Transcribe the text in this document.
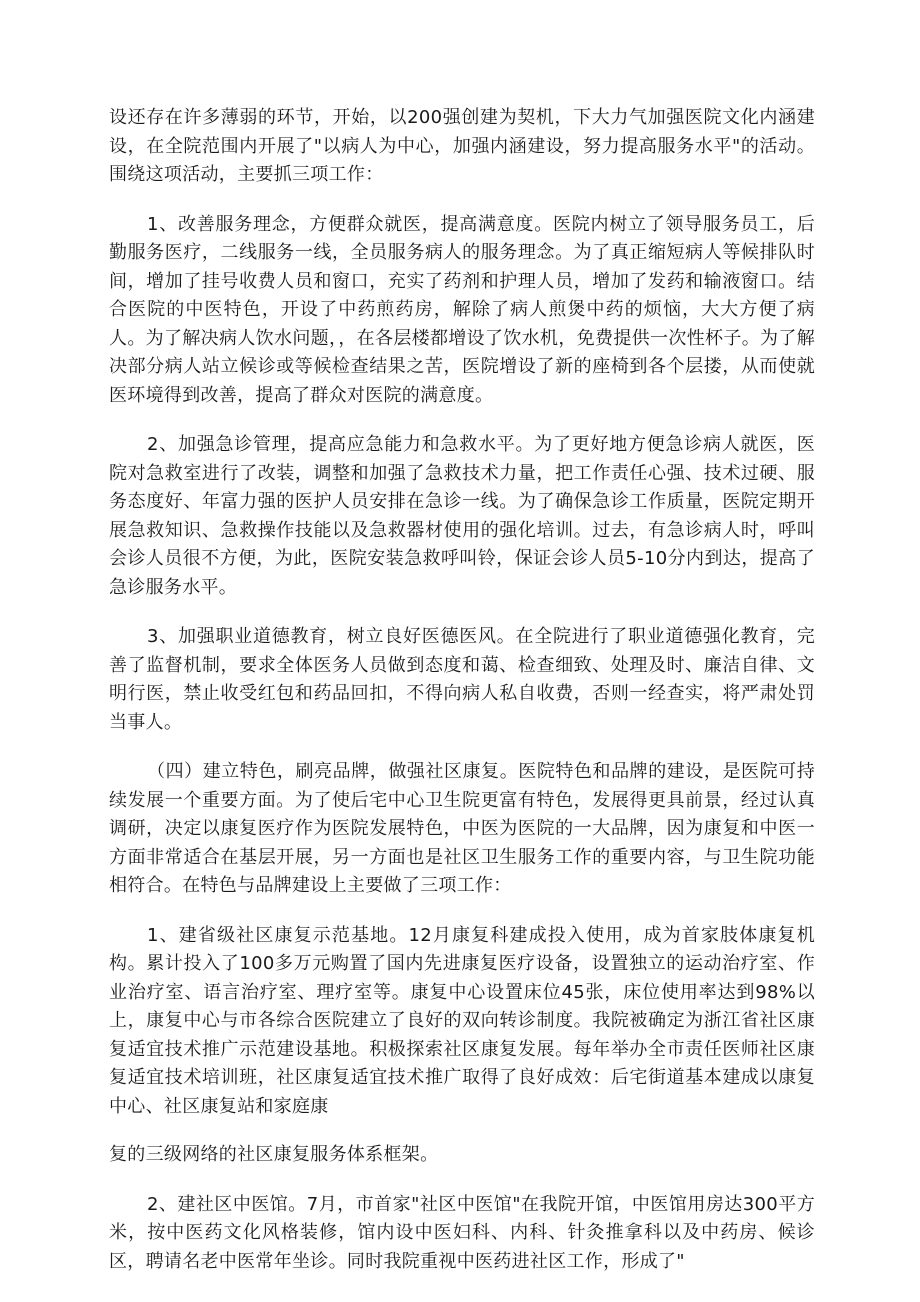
设还存在许多薄弱的环节，开始，以200强创建为契机，下大力气加强医院文化内涵建设，在全院范围内开展了"以病人为中心，加强内涵建设，努力提高服务水平"的活动。围绕这项活动，主要抓三项工作：

1、改善服务理念，方便群众就医，提高满意度。医院内树立了领导服务员工，后勤服务医疗，二线服务一线，全员服务病人的服务理念。为了真正缩短病人等候排队时间，增加了挂号收费人员和窗口，充实了药剂和护理人员，增加了发药和输液窗口。结合医院的中医特色，开设了中药煎药房，解除了病人煎煲中药的烦恼，大大方便了病人。为了解决病人饮水问题，，在各层楼都增设了饮水机，免费提供一次性杯子。为了解决部分病人站立候诊或等候检查结果之苦，医院增设了新的座椅到各个层搂，从而使就医环境得到改善，提高了群众对医院的满意度。

2、加强急诊管理，提高应急能力和急救水平。为了更好地方便急诊病人就医，医院对急救室进行了改装，调整和加强了急救技术力量，把工作责任心强、技术过硬、服务态度好、年富力强的医护人员安排在急诊一线。为了确保急诊工作质量，医院定期开展急救知识、急救操作技能以及急救器材使用的强化培训。过去，有急诊病人时，呼叫会诊人员很不方便，为此，医院安装急救呼叫铃，保证会诊人员5-10分内到达，提高了急诊服务水平。

3、加强职业道德教育，树立良好医德医风。在全院进行了职业道德强化教育，完善了监督机制，要求全体医务人员做到态度和蔼、检查细致、处理及时、廉洁自律、文明行医，禁止收受红包和药品回扣，不得向病人私自收费，否则一经查实，将严肃处罚当事人。

（四）建立特色，刷亮品牌，做强社区康复。医院特色和品牌的建设，是医院可持续发展一个重要方面。为了使后宅中心卫生院更富有特色，发展得更具前景，经过认真调研，决定以康复医疗作为医院发展特色，中医为医院的一大品牌，因为康复和中医一方面非常适合在基层开展，另一方面也是社区卫生服务工作的重要内容，与卫生院功能相符合。在特色与品牌建设上主要做了三项工作：

1、建省级社区康复示范基地。12月康复科建成投入使用，成为首家肢体康复机构。累计投入了100多万元购置了国内先进康复医疗设备，设置独立的运动治疗室、作业治疗室、语言治疗室、理疗室等。康复中心设置床位45张，床位使用率达到98%以上，康复中心与市各综合医院建立了良好的双向转诊制度。我院被确定为浙江省社区康复适宜技术推广示范建设基地。积极探索社区康复发展。每年举办全市责任医师社区康复适宜技术培训班，社区康复适宜技术推广取得了良好成效：后宅街道基本建成以康复中心、社区康复站和家庭康

复的三级网络的社区康复服务体系框架。

2、建社区中医馆。7月，市首家"社区中医馆"在我院开馆，中医馆用房达300平方米，按中医药文化风格装修，馆内设中医妇科、内科、针灸推拿科以及中药房、候诊区，聘请名老中医常年坐诊。同时我院重视中医药进社区工作，形成了"
